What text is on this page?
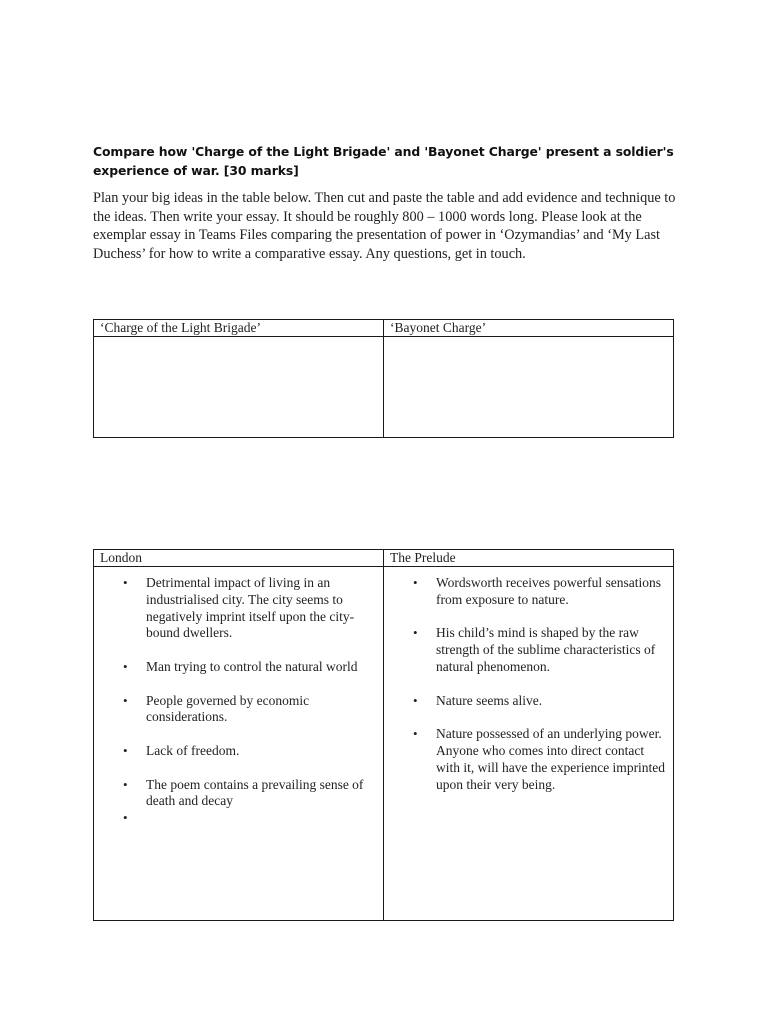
Compare how 'Charge of the Light Brigade' and 'Bayonet Charge' present a soldier's experience of war. [30 marks]
Plan your big ideas in the table below. Then cut and paste the table and add evidence and technique to the ideas. Then write your essay. It should be roughly 800 – 1000 words long. Please look at the exemplar essay in Teams Files comparing the presentation of power in ‘Ozymandias’ and ‘My Last Duchess’ for how to write a comparative essay. Any questions, get in touch.
‘Charge of the Light Brigade’	‘Bayonet Charge’
London	The Prelude
• Detrimental impact of living in an industrialised city. The city seems to negatively imprint itself upon the city-bound dwellers.
• Man trying to control the natural world
• People governed by economic considerations.
• Lack of freedom.
• The poem contains a prevailing sense of death and decay
•
• Wordsworth receives powerful sensations from exposure to nature.
• His child’s mind is shaped by the raw strength of the sublime characteristics of natural phenomenon.
• Nature seems alive.
• Nature possessed of an underlying power. Anyone who comes into direct contact with it, will have the experience imprinted upon their very being.
